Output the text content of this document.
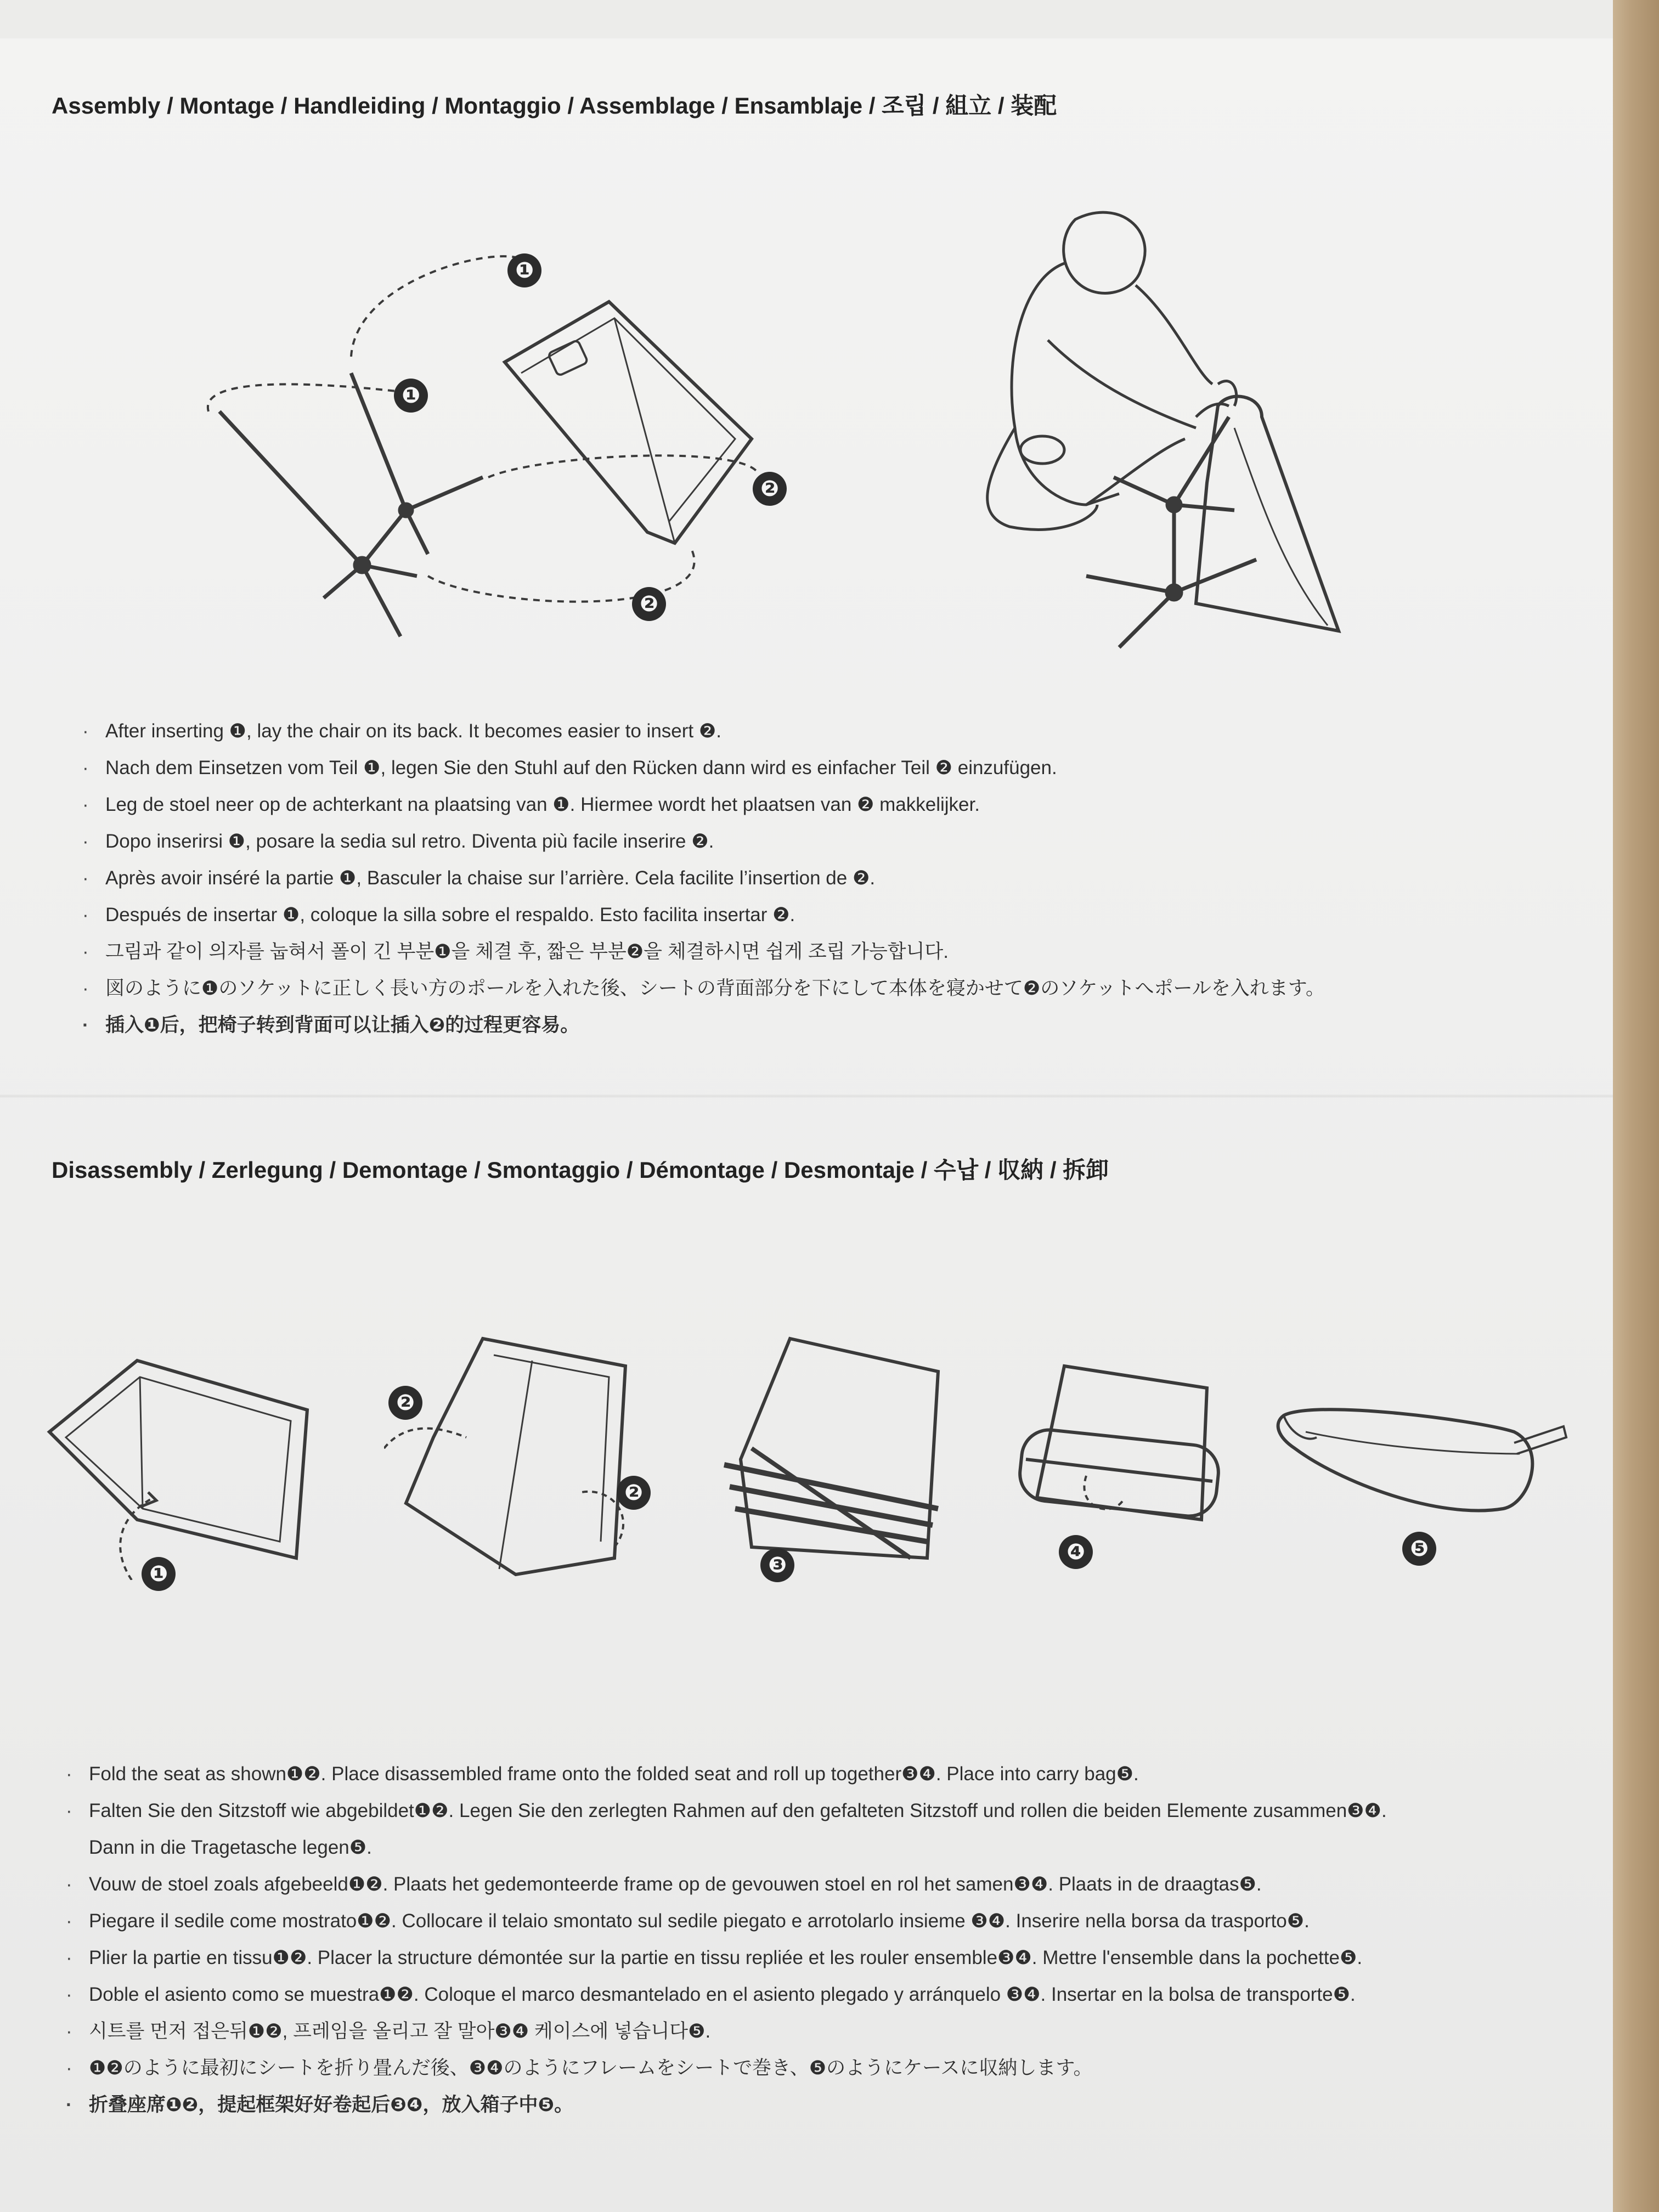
Assembly / Montage / Handleiding / Montaggio / Assemblage / Ensamblaje / 조립 / 組立 / 装配
❶
❶
❷
❷
· After inserting ❶, lay the chair on its back. It becomes easier to insert ❷.
· Nach dem Einsetzen vom Teil ❶, legen Sie den Stuhl auf den Rücken dann wird es einfacher Teil ❷ einzufügen.
· Leg de stoel neer op de achterkant na plaatsing van ❶. Hiermee wordt het plaatsen van ❷ makkelijker.
· Dopo inserirsi ❶, posare la sedia sul retro. Diventa più facile inserire ❷.
· Après avoir inséré la partie ❶, Basculer la chaise sur l’arrière. Cela facilite l’insertion de ❷.
· Después de insertar ❶, coloque la silla sobre el respaldo. Esto facilita insertar ❷.
· 그림과 같이 의자를 눕혀서 폴이 긴 부분❶을 체결 후, 짧은 부분❷을 체결하시면 쉽게 조립 가능합니다.
· 図のように❶のソケットに正しく長い方のポールを入れた後、シートの背面部分を下にして本体を寝かせて❷のソケットへポールを入れます。
· 插入❶后，把椅子转到背面可以让插入❷的过程更容易。
Disassembly / Zerlegung / Demontage / Smontaggio / Démontage / Desmontaje / 수납 / 収納 / 拆卸
❶
❷
❷
❸
❹	❺
· Fold the seat as shown❶❷. Place disassembled frame onto the folded seat and roll up together❸❹. Place into carry bag❺.
· Falten Sie den Sitzstoff wie abgebildet❶❷. Legen Sie den zerlegten Rahmen auf den gefalteten Sitzstoff und rollen die beiden Elemente zusammen❸❹.
Dann in die Tragetasche legen❺.
· Vouw de stoel zoals afgebeeld❶❷. Plaats het gedemonteerde frame op de gevouwen stoel en rol het samen❸❹. Plaats in de draagtas❺.
· Piegare il sedile come mostrato❶❷. Collocare il telaio smontato sul sedile piegato e arrotolarlo insieme ❸❹. Inserire nella borsa da trasporto❺.
· Plier la partie en tissu❶❷. Placer la structure démontée sur la partie en tissu repliée et les rouler ensemble❸❹. Mettre l'ensemble dans la pochette❺.
· Doble el asiento como se muestra❶❷. Coloque el marco desmantelado en el asiento plegado y arránquelo ❸❹. Insertar en la bolsa de transporte❺.
· 시트를 먼저 접은뒤❶❷, 프레임을 올리고 잘 말아❸❹ 케이스에 넣습니다❺.
· ❶❷のように最初にシートを折り畳んだ後、❸❹のようにフレームをシートで巻き、❺のようにケースに収納します。
· 折叠座席❶❷，提起框架好好卷起后❸❹，放入箱子中❺。
